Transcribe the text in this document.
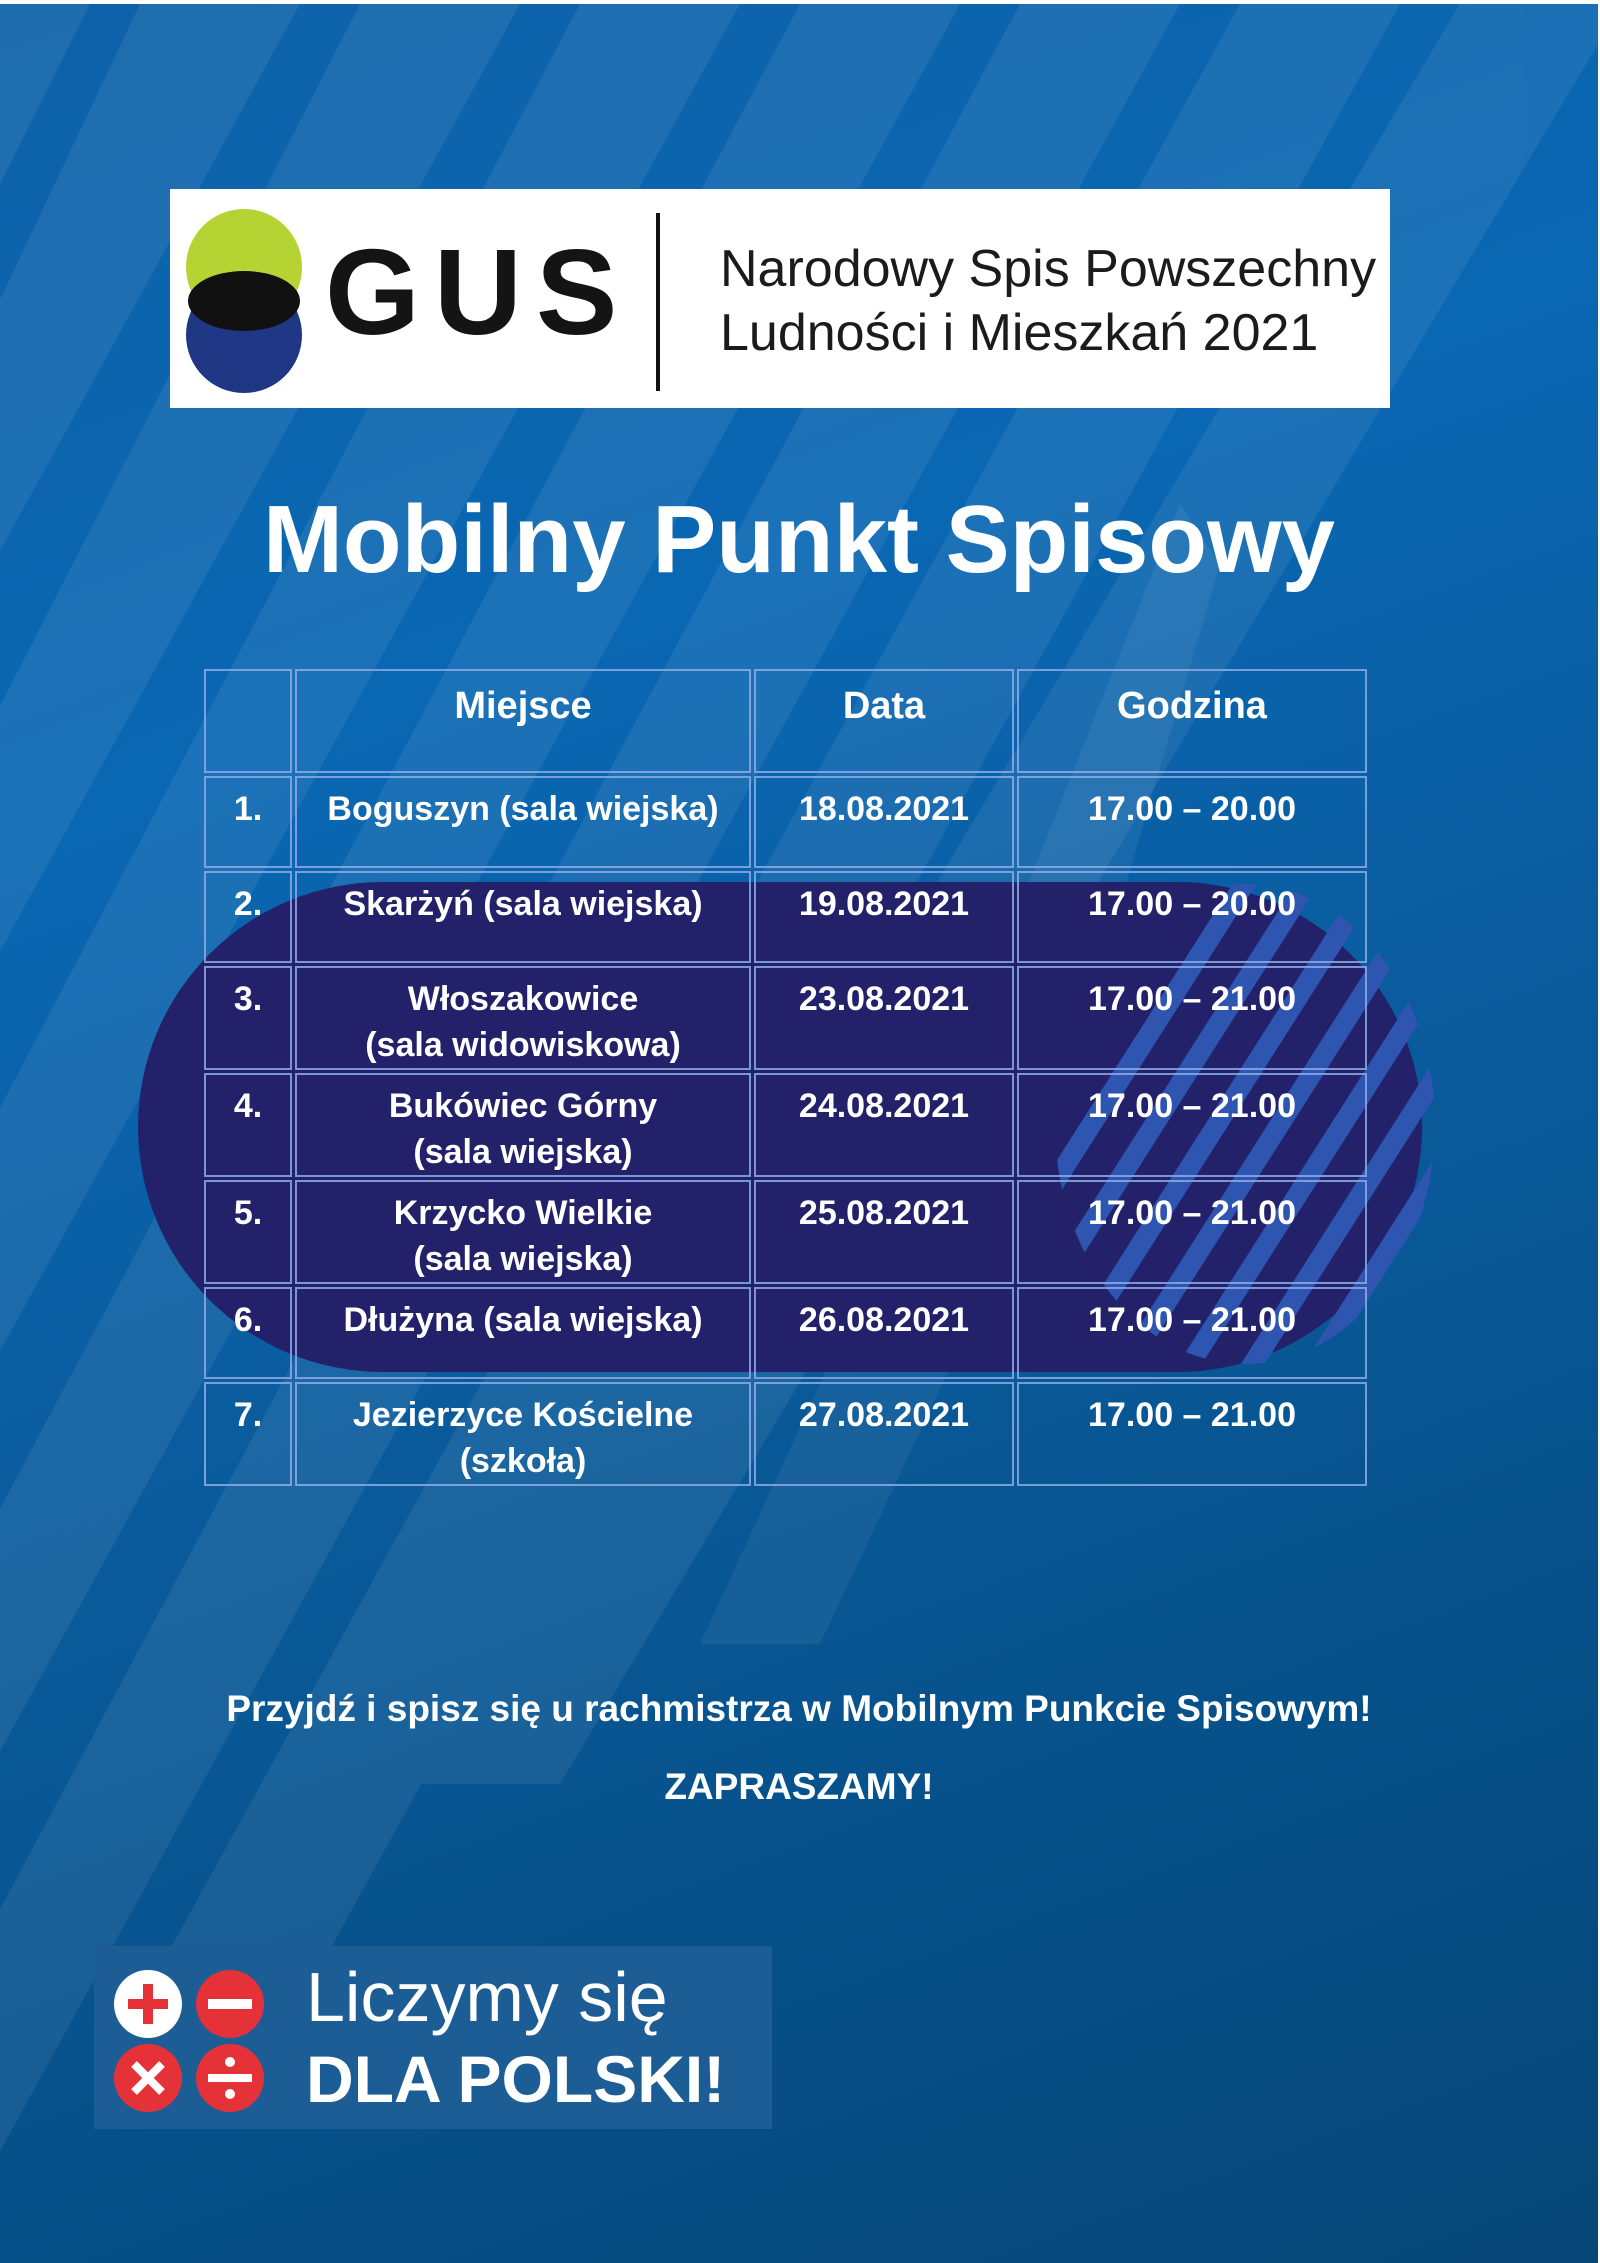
GUS Narodowy Spis Powszechny
Ludności i Mieszkań 2021
Mobilny Punkt Spisowy
	Miejsce	Data	Godzina
1.	Boguszyn (sala wiejska)	18.08.2021	17.00 – 20.00
2.	Skarżyń (sala wiejska)	19.08.2021	17.00 – 20.00
3.	Włoszakowice
(sala widowiskowa)	23.08.2021	17.00 – 21.00
4.	Bukówiec Górny
(sala wiejska)	24.08.2021	17.00 – 21.00
5.	Krzycko Wielkie
(sala wiejska)	25.08.2021	17.00 – 21.00
6.	Dłużyna (sala wiejska)	26.08.2021	17.00 – 21.00
7.	Jezierzyce Kościelne
(szkoła)	27.08.2021	17.00 – 21.00
Przyjdź i spisz się u rachmistrza w Mobilnym Punkcie Spisowym!
ZAPRASZAMY!
Liczymy się
DLA POLSKI!
